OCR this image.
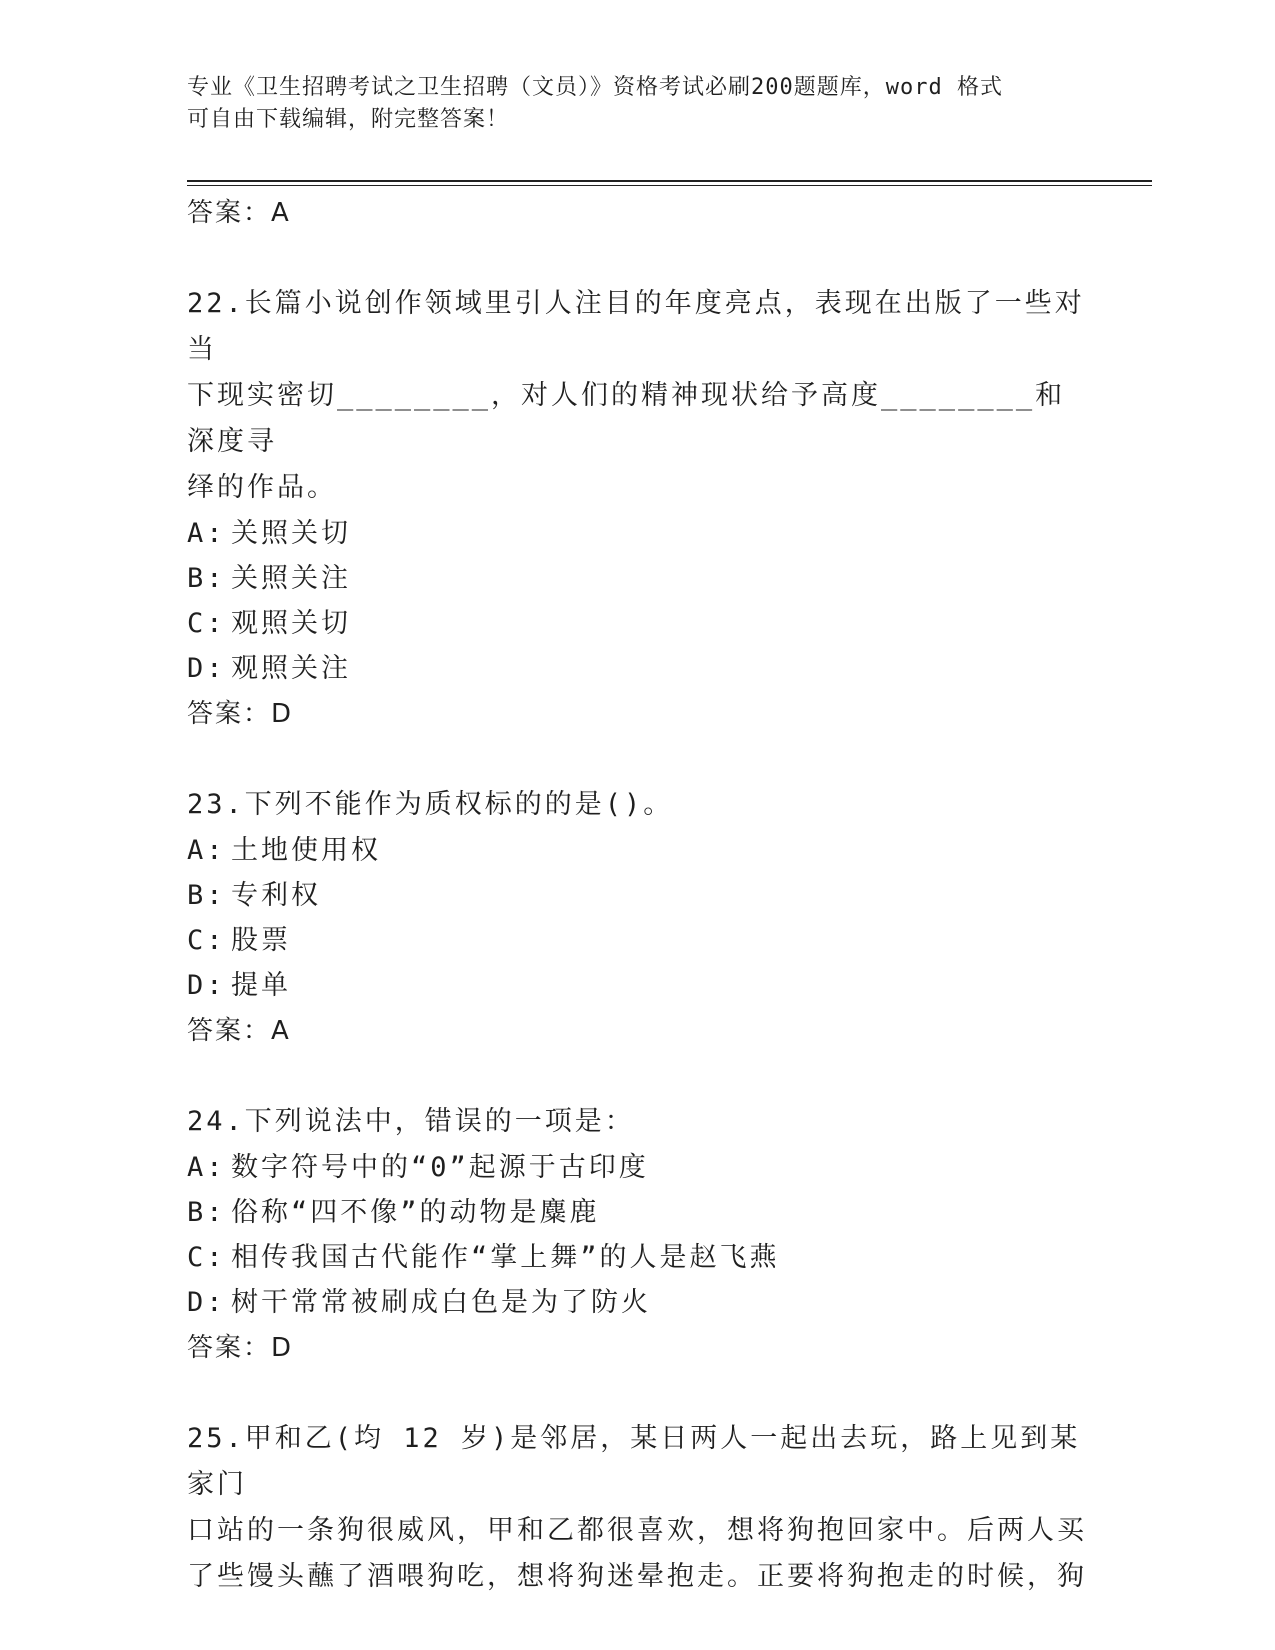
专业《卫生招聘考试之卫生招聘（文员）》资格考试必刷200题题库，word 格式
可自由下载编辑，附完整答案！
答案：A
22.长篇小说创作领域里引人注目的年度亮点，表现在出版了一些对当
下现实密切________，对人们的精神现状给予高度________和深度寻
绎的作品。
A: 关照关切
B: 关照关注
C: 观照关切
D: 观照关注
答案：D
23.下列不能作为质权标的的是()。
A: 土地使用权
B: 专利权
C: 股票
D: 提单
答案：A
24.下列说法中，错误的一项是：
A: 数字符号中的“0”起源于古印度
B: 俗称“四不像”的动物是麋鹿
C: 相传我国古代能作“掌上舞”的人是赵飞燕
D: 树干常常被刷成白色是为了防火
答案：D
25.甲和乙(均 12 岁)是邻居，某日两人一起出去玩，路上见到某家门
口站的一条狗很威风，甲和乙都很喜欢，想将狗抱回家中。后两人买
了些馒头蘸了酒喂狗吃，想将狗迷晕抱走。正要将狗抱走的时候，狗
